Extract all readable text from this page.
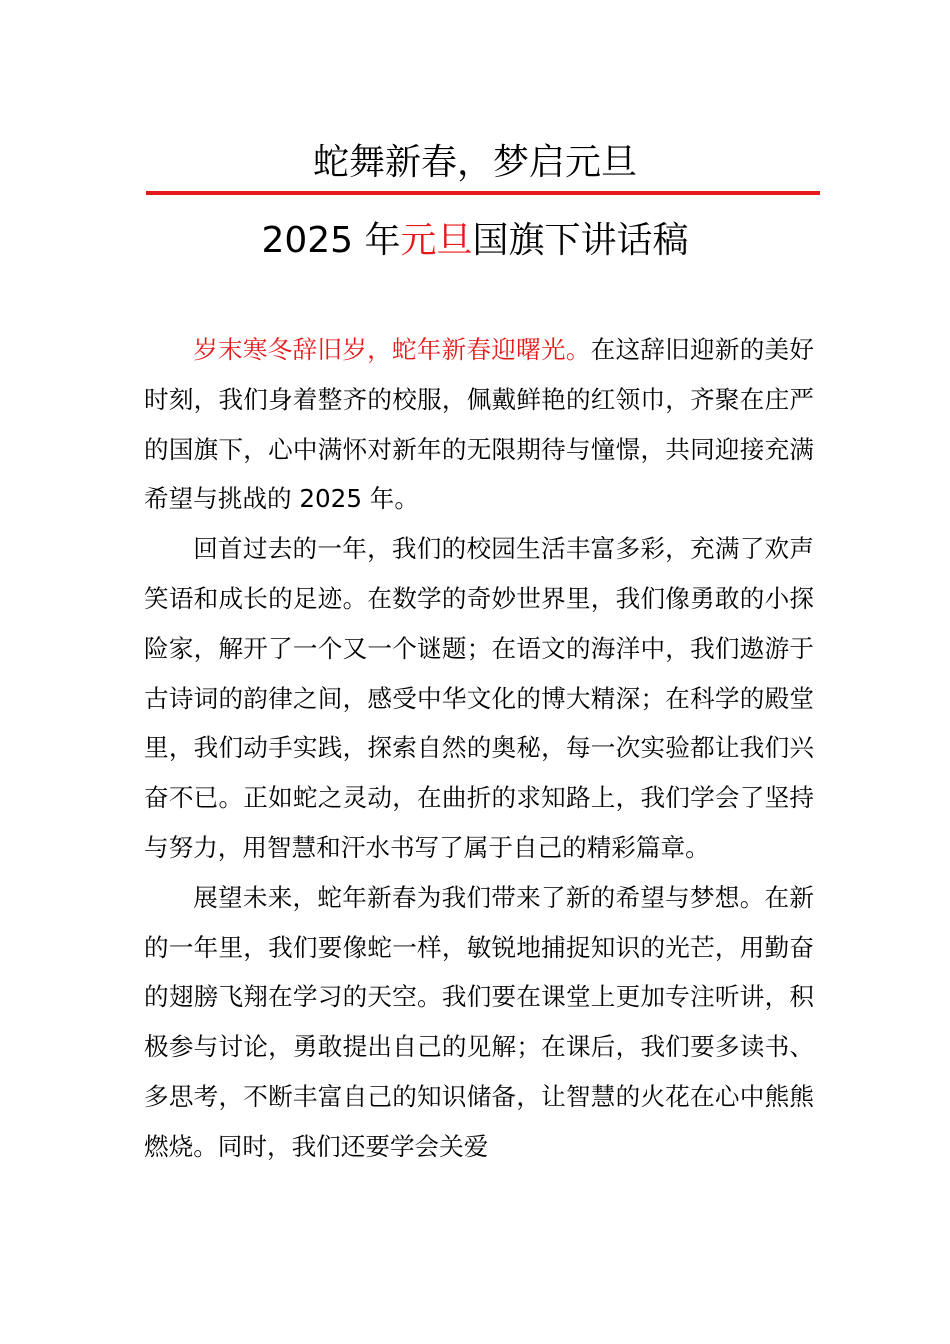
蛇舞新春，梦启元旦
2025 年元旦国旗下讲话稿

岁末寒冬辞旧岁，蛇年新春迎曙光。在这辞旧迎新的美好时刻，我们身着整齐的校服，佩戴鲜艳的红领巾，齐聚在庄严的国旗下，心中满怀对新年的无限期待与憧憬，共同迎接充满希望与挑战的 2025 年。

回首过去的一年，我们的校园生活丰富多彩，充满了欢声笑语和成长的足迹。在数学的奇妙世界里，我们像勇敢的小探险家，解开了一个又一个谜题；在语文的海洋中，我们遨游于古诗词的韵律之间，感受中华文化的博大精深；在科学的殿堂里，我们动手实践，探索自然的奥秘，每一次实验都让我们兴奋不已。正如蛇之灵动，在曲折的求知路上，我们学会了坚持与努力，用智慧和汗水书写了属于自己的精彩篇章。

展望未来，蛇年新春为我们带来了新的希望与梦想。在新的一年里，我们要像蛇一样，敏锐地捕捉知识的光芒，用勤奋的翅膀飞翔在学习的天空。我们要在课堂上更加专注听讲，积极参与讨论，勇敢提出自己的见解；在课后，我们要多读书、多思考，不断丰富自己的知识储备，让智慧的火花在心中熊熊燃烧。同时，我们还要学会关爱
